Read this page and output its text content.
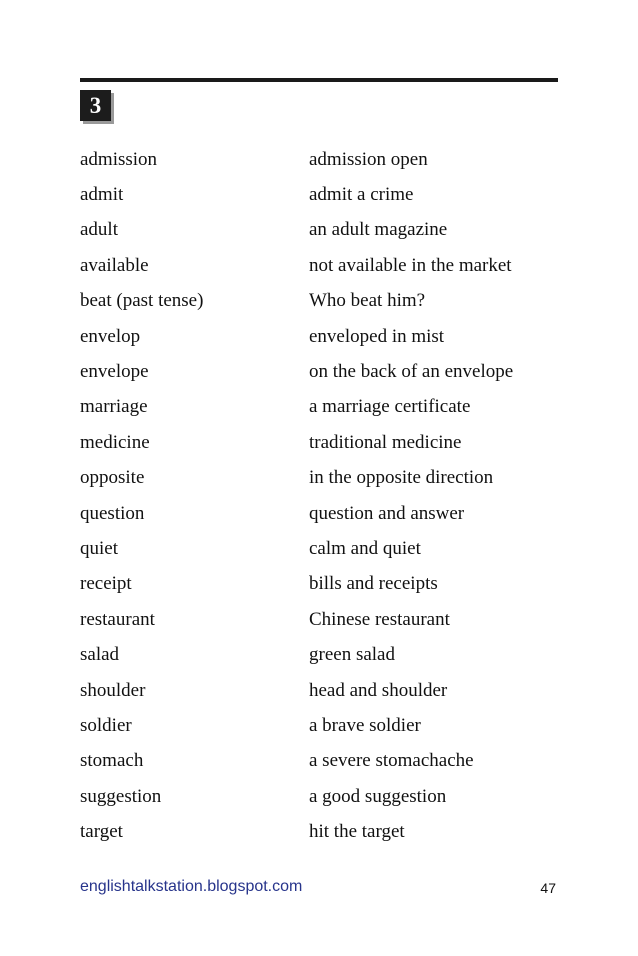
3
admission	admission open
admit	admit a crime
adult	an adult magazine
available	not available in the market
beat (past tense)	Who beat him?
envelop	enveloped in mist
envelope	on the back of an envelope
marriage	a marriage certificate
medicine	traditional medicine
opposite	in the opposite direction
question	question and answer
quiet	calm and quiet
receipt	bills and receipts
restaurant	Chinese restaurant
salad	green salad
shoulder	head and shoulder
soldier	a brave soldier
stomach	a severe stomachache
suggestion	a good suggestion
target	hit the target
englishtalkstation.blogspot.com	47
